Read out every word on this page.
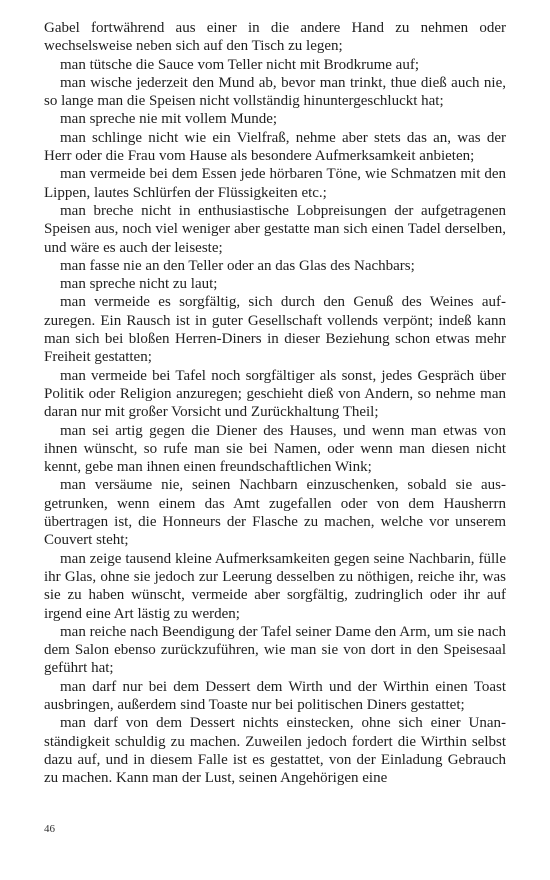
Gabel fortwährend aus einer in die andere Hand zu nehmen oder wechselsweise neben sich auf den Tisch zu legen;

man tütsche die Sauce vom Teller nicht mit Brodkrume auf;

man wische jederzeit den Mund ab, bevor man trinkt, thue dieß auch nie, so lange man die Speisen nicht vollständig hinuntergeschluckt hat;

man spreche nie mit vollem Munde;

man schlinge nicht wie ein Vielfraß, nehme aber stets das an, was der Herr oder die Frau vom Hause als besondere Aufmerksamkeit anbieten;

man vermeide bei dem Essen jede hörbaren Töne, wie Schmatzen mit den Lippen, lautes Schlürfen der Flüssigkeiten etc.;

man breche nicht in enthusiastische Lobpreisungen der aufgetragenen Speisen aus, noch viel weniger aber gestatte man sich einen Tadel derselben, und wäre es auch der leiseste;

man fasse nie an den Teller oder an das Glas des Nachbars;

man spreche nicht zu laut;

man vermeide es sorgfältig, sich durch den Genuß des Weines aufzuregen. Ein Rausch ist in guter Gesellschaft vollends verpönt; indeß kann man sich bei bloßen Herren-Diners in dieser Beziehung schon etwas mehr Freiheit gestatten;

man vermeide bei Tafel noch sorgfältiger als sonst, jedes Gespräch über Politik oder Religion anzuregen; geschieht dieß von Andern, so nehme man daran nur mit großer Vorsicht und Zurückhaltung Theil;

man sei artig gegen die Diener des Hauses, und wenn man etwas von ihnen wünscht, so rufe man sie bei Namen, oder wenn man diesen nicht kennt, gebe man ihnen einen freundschaftlichen Wink;

man versäume nie, seinen Nachbarn einzuschenken, sobald sie ausgetrunken, wenn einem das Amt zugefallen oder von dem Hausherrn übertragen ist, die Honneurs der Flasche zu machen, welche vor unserem Couvert steht;

man zeige tausend kleine Aufmerksamkeiten gegen seine Nachbarin, fülle ihr Glas, ohne sie jedoch zur Leerung desselben zu nöthigen, reiche ihr, was sie zu haben wünscht, vermeide aber sorgfältig, zudringlich oder ihr auf irgend eine Art lästig zu werden;

man reiche nach Beendigung der Tafel seiner Dame den Arm, um sie nach dem Salon ebenso zurückzuführen, wie man sie von dort in den Speisesaal geführt hat;

man darf nur bei dem Dessert dem Wirth und der Wirthin einen Toast ausbringen, außerdem sind Toaste nur bei politischen Diners gestattet;

man darf von dem Dessert nichts einstecken, ohne sich einer Unanständigkeit schuldig zu machen. Zuweilen jedoch fordert die Wirthin selbst dazu auf, und in diesem Falle ist es gestattet, von der Einladung Gebrauch zu machen. Kann man der Lust, seinen Angehörigen eine

46
